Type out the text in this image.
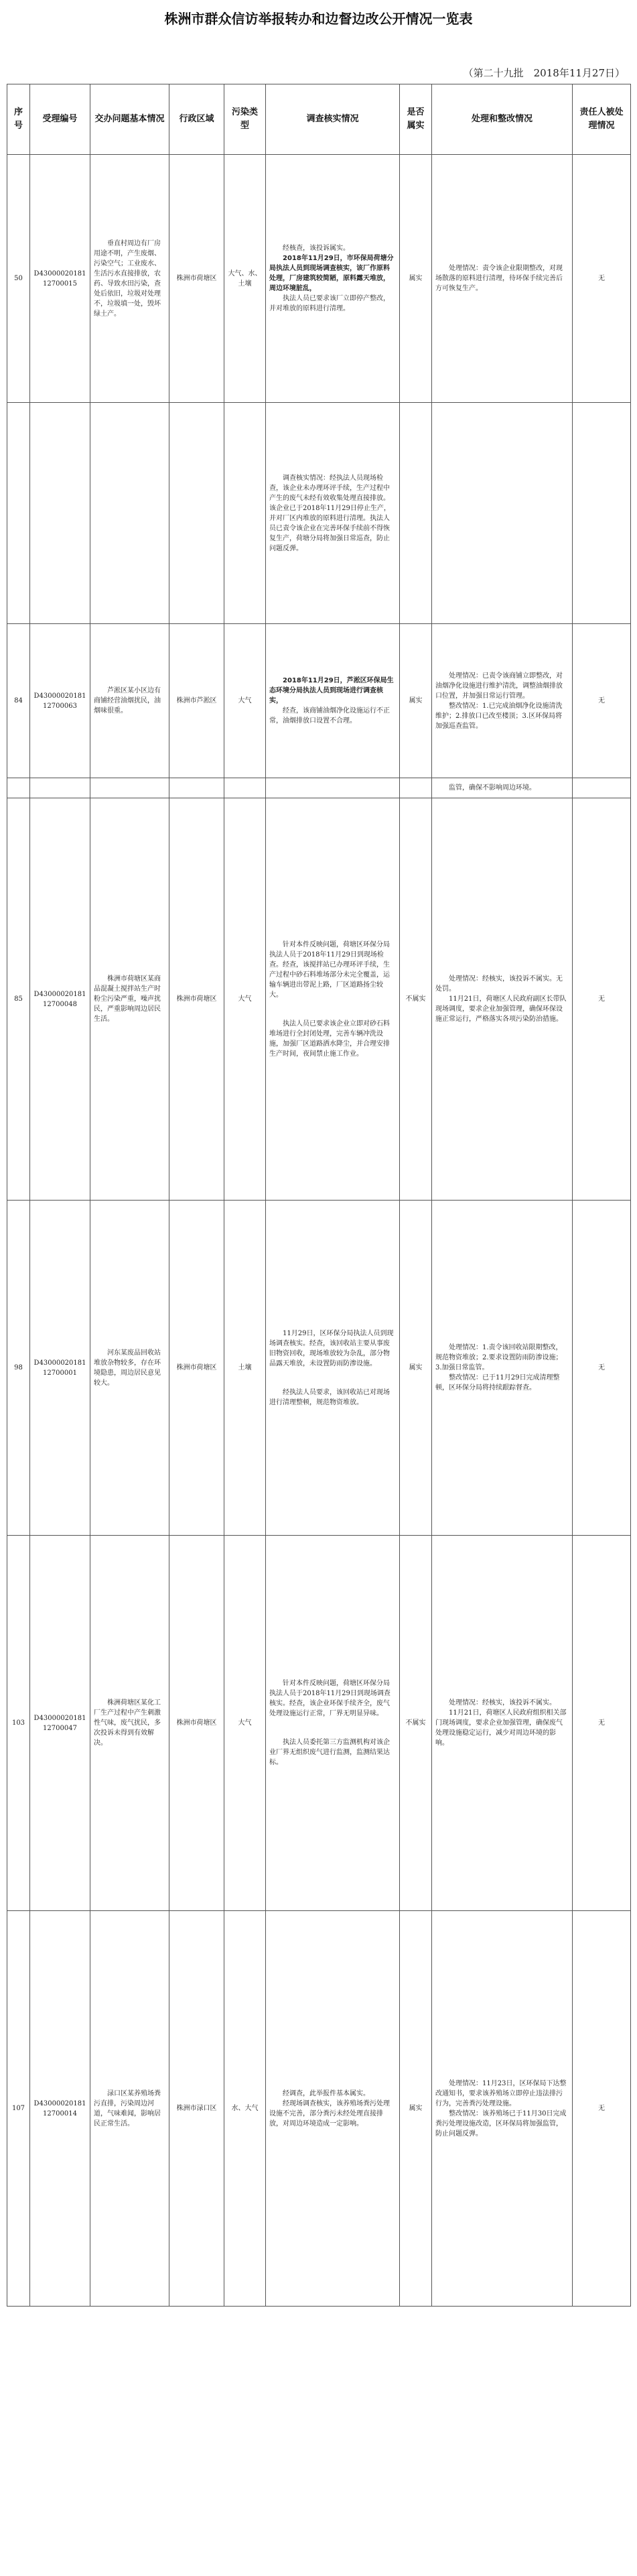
株洲市群众信访举报转办和边督边改公开情况一览表
（第二十九批　2018年11月27日）
序号	受理编号	交办问题基本情况	行政区域	污染类型	调查核实情况	是否属实	处理和整改情况	责任人被处理情况
50	D4300002018112700015	垂直村周边有厂房用途不明，产生废烟、污染空气；工业废水、生活污水直接排放，农药、导致水田污染，查处后依旧，垃圾对处理不，垃圾填一处，毁坏绿土产。	株洲市荷塘区	大气、水、土壤	经核查，该投诉属实。
2018年11月29日，市环保局荷塘分局执法人员到现场调查核实，该厂作原料处理，厂房建筑较简陋，原料露天堆放，周边环境脏乱，
执法人员已要求该厂立即停产整改，并对堆放的原料进行清理。	属实	处理情况：责令该企业限期整改，对现场散落的原料进行清理，待环保手续完善后方可恢复生产。	无
					调查核实情况：经执法人员现场检查，该企业未办理环评手续，生产过程中产生的废气未经有效收集处理直接排放。该企业已于2018年11月29日停止生产，并对厂区内堆放的原料进行清理。执法人员已责令该企业在完善环保手续前不得恢复生产，荷塘分局将加强日常巡查，防止问题反弹。			
84	D4300002018112700063	芦淞区某小区边有商铺经营油烟扰民，油烟味很重。	株洲市芦淞区	大气	2018年11月29日，芦淞区环保局生态环境分局执法人员到现场进行调查核实，
经查，该商铺油烟净化设施运行不正常，油烟排放口设置不合理。	属实	处理情况：已责令该商铺立即整改，对油烟净化设施进行维护清洗，调整油烟排放口位置，并加强日常运行管理。
整改情况：1.已完成油烟净化设施清洗维护；2.排放口已改至楼顶；3.区环保局将加强巡查监管。	无
							监管，确保不影响周边环境。	
85	D4300002018112700048	株洲市荷塘区某商品混凝土搅拌站生产时粉尘污染严重，噪声扰民，严重影响周边居民生活。	株洲市荷塘区	大气	针对本件反映问题，荷塘区环保分局执法人员于2018年11月29日到现场检查。经查，该搅拌站已办理环评手续，生产过程中砂石料堆场部分未完全覆盖，运输车辆进出带泥上路，厂区道路扬尘较大。
执法人员已要求该企业立即对砂石料堆场进行全封闭处理，完善车辆冲洗设施，加强厂区道路洒水降尘，并合理安排生产时间，夜间禁止施工作业。	不属实	处理情况：经核实，该投诉不属实。无处罚。
11月21日，荷塘区人民政府副区长带队现场调度，要求企业加强管理，确保环保设施正常运行，严格落实各项污染防治措施。	无
98	D4300002018112700001	河东某废品回收站堆放杂物较多，存在环境隐患，周边居民意见较大。	株洲市荷塘区	土壤	11月29日，区环保分局执法人员到现场调查核实。经查，该回收站主要从事废旧物资回收，现场堆放较为杂乱，部分物品露天堆放，未设置防雨防渗设施。
经执法人员要求，该回收站已对现场进行清理整顿，规范物资堆放。	属实	处理情况：1.责令该回收站限期整改，规范物资堆放；2.要求设置防雨防渗设施；3.加强日常监管。
整改情况：已于11月29日完成清理整顿，区环保分局将持续跟踪督查。	无
103	D4300002018112700047	株洲荷塘区某化工厂生产过程中产生刺激性气味，废气扰民，多次投诉未得到有效解决。	株洲市荷塘区	大气	针对本件反映问题，荷塘区环保分局执法人员于2018年11月29日到现场调查核实。经查，该企业环保手续齐全，废气处理设施运行正常，厂界无明显异味。
执法人员委托第三方监测机构对该企业厂界无组织废气进行监测，监测结果达标。	不属实	处理情况：经核实，该投诉不属实。
11月21日，荷塘区人民政府组织相关部门现场调度，要求企业加强管理，确保废气处理设施稳定运行，减少对周边环境的影响。	无
107	D4300002018112700014	渌口区某养殖场粪污直排，污染周边河道，气味难闻，影响居民正常生活。	株洲市渌口区	水、大气	经调查，此举报件基本属实。
经现场调查核实，该养殖场粪污处理设施不完善，部分粪污未经处理直接排放，对周边环境造成一定影响。	属实	处理情况：11月23日，区环保局下达整改通知书，要求该养殖场立即停止违法排污行为，完善粪污处理设施。
整改情况：该养殖场已于11月30日完成粪污处理设施改造，区环保局将加强监管，防止问题反弹。	无
